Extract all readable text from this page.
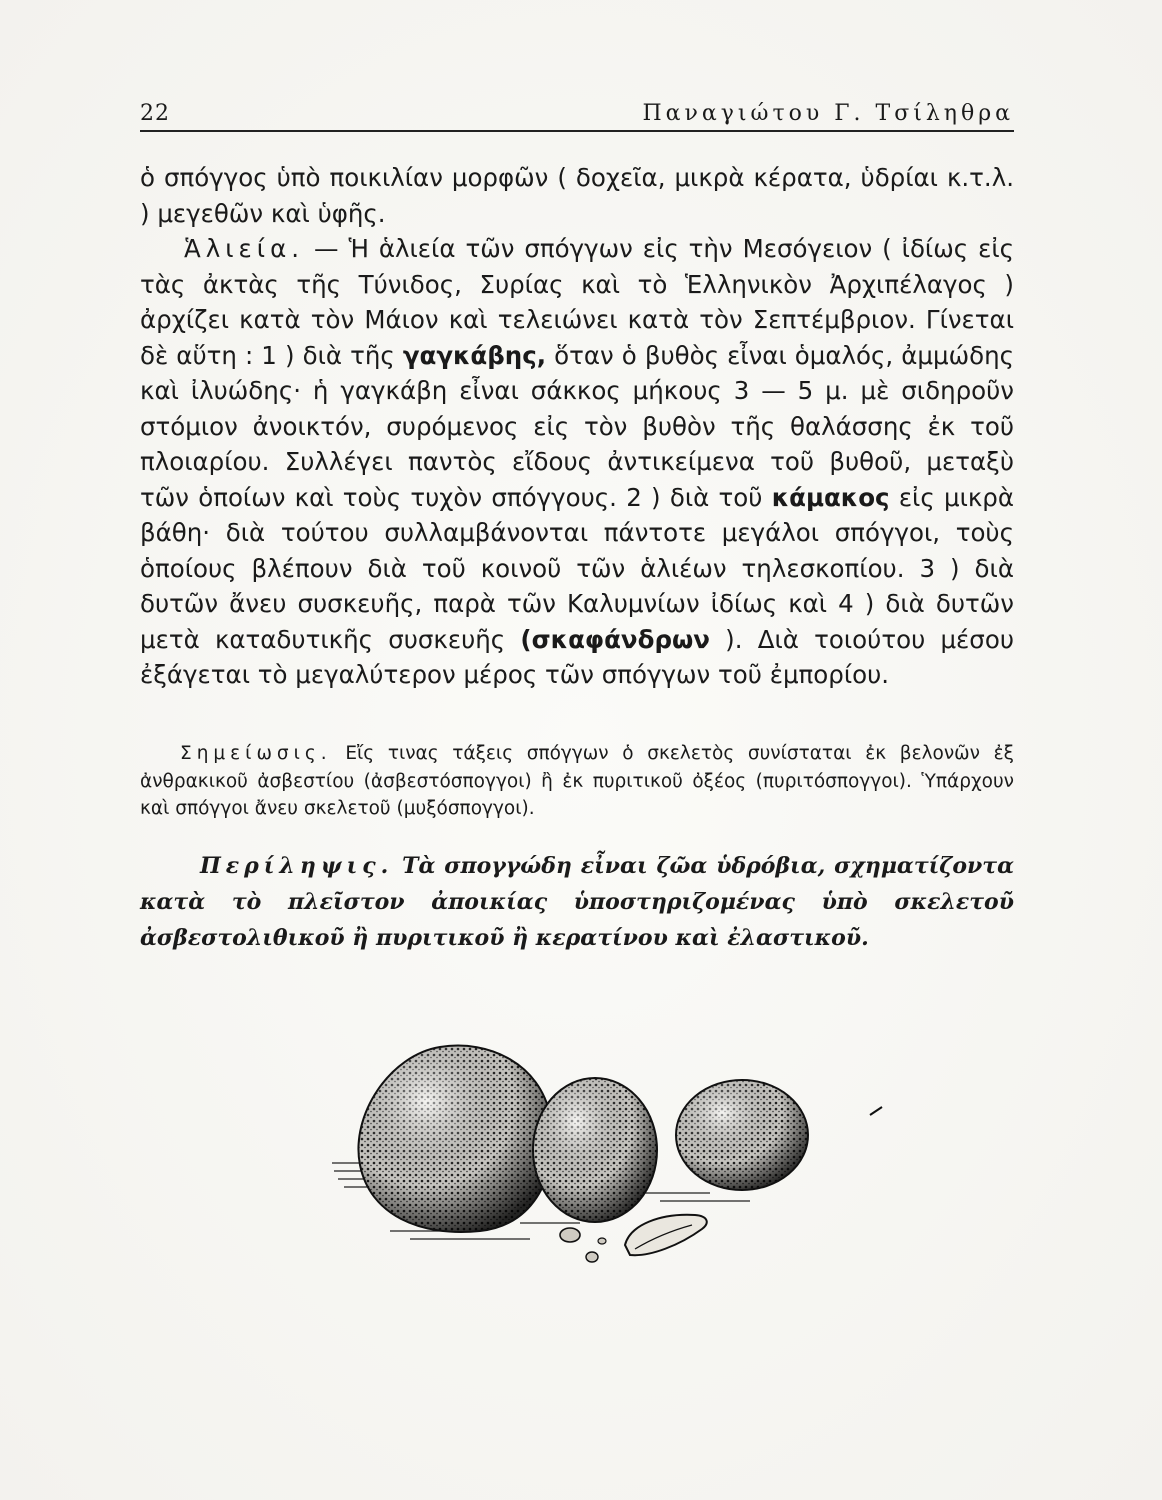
22	Παναγιώτου Γ. Τσίληθρα

ὁ σπόγγος ὑπὸ ποικιλίαν μορφῶν ( δοχεῖα, μικρὰ κέρατα, ὑδρίαι κ.τ.λ. ) μεγεθῶν καὶ ὑφῆς.

Ἁλιεία. — Ἡ ἁλιεία τῶν σπόγγων εἰς τὴν Μεσόγειον ( ἰδίως εἰς τὰς ἀκτὰς τῆς Τύνιδος, Συρίας καὶ τὸ Ἑλληνικὸν Ἀρχιπέλαγος ) ἀρχίζει κατὰ τὸν Μάιον καὶ τελειώνει κατὰ τὸν Σεπτέμβριον. Γίνεται δὲ αὕτη : 1 ) διὰ τῆς γαγκάβης, ὅταν ὁ βυθὸς εἶναι ὁμαλός, ἀμμώδης καὶ ἰλυώδης· ἡ γαγκάβη εἶναι σάκκος μήκους 3 — 5 μ. μὲ σιδηροῦν στόμιον ἀνοικτόν, συρόμενος εἰς τὸν βυθὸν τῆς θαλάσσης ἐκ τοῦ πλοιαρίου. Συλλέγει παντὸς εἴδους ἀντικείμενα τοῦ βυθοῦ, μεταξὺ τῶν ὁποίων καὶ τοὺς τυχὸν σπόγγους. 2 ) διὰ τοῦ κάμακος εἰς μικρὰ βάθη· διὰ τούτου συλλαμβάνονται πάντοτε μεγάλοι σπόγγοι, τοὺς ὁποίους βλέπουν διὰ τοῦ κοινοῦ τῶν ἁλιέων τηλεσκοπίου. 3 ) διὰ δυτῶν ἄνευ συσκευῆς, παρὰ τῶν Καλυμνίων ἰδίως καὶ 4 ) διὰ δυτῶν μετὰ καταδυτικῆς συσκευῆς (σκαφάνδρων ). Διὰ τοιούτου μέσου ἐξάγεται τὸ μεγαλύτερον μέρος τῶν σπόγγων τοῦ ἐμπορίου.

Σημείωσις. Εἴς τινας τάξεις σπόγγων ὁ σκελετὸς συνίσταται ἐκ βελονῶν ἐξ ἀνθρακικοῦ ἀσβεστίου (ἀσβεστόσπογγοι) ἢ ἐκ πυριτικοῦ ὀξέος (πυριτόσπογγοι). Ὑπάρχουν καὶ σπόγγοι ἄνευ σκελετοῦ (μυξόσπογγοι).
Περίληψις. Τὰ σπογγώδη εἶναι ζῶα ὑδρόβια, σχηματίζοντα κατὰ τὸ πλεῖστον ἀποικίας ὑποστηριζομένας ὑπὸ σκελετοῦ ἀσβεστολιθικοῦ ἢ πυριτικοῦ ἢ κερατίνου καὶ ἐλαστικοῦ.
